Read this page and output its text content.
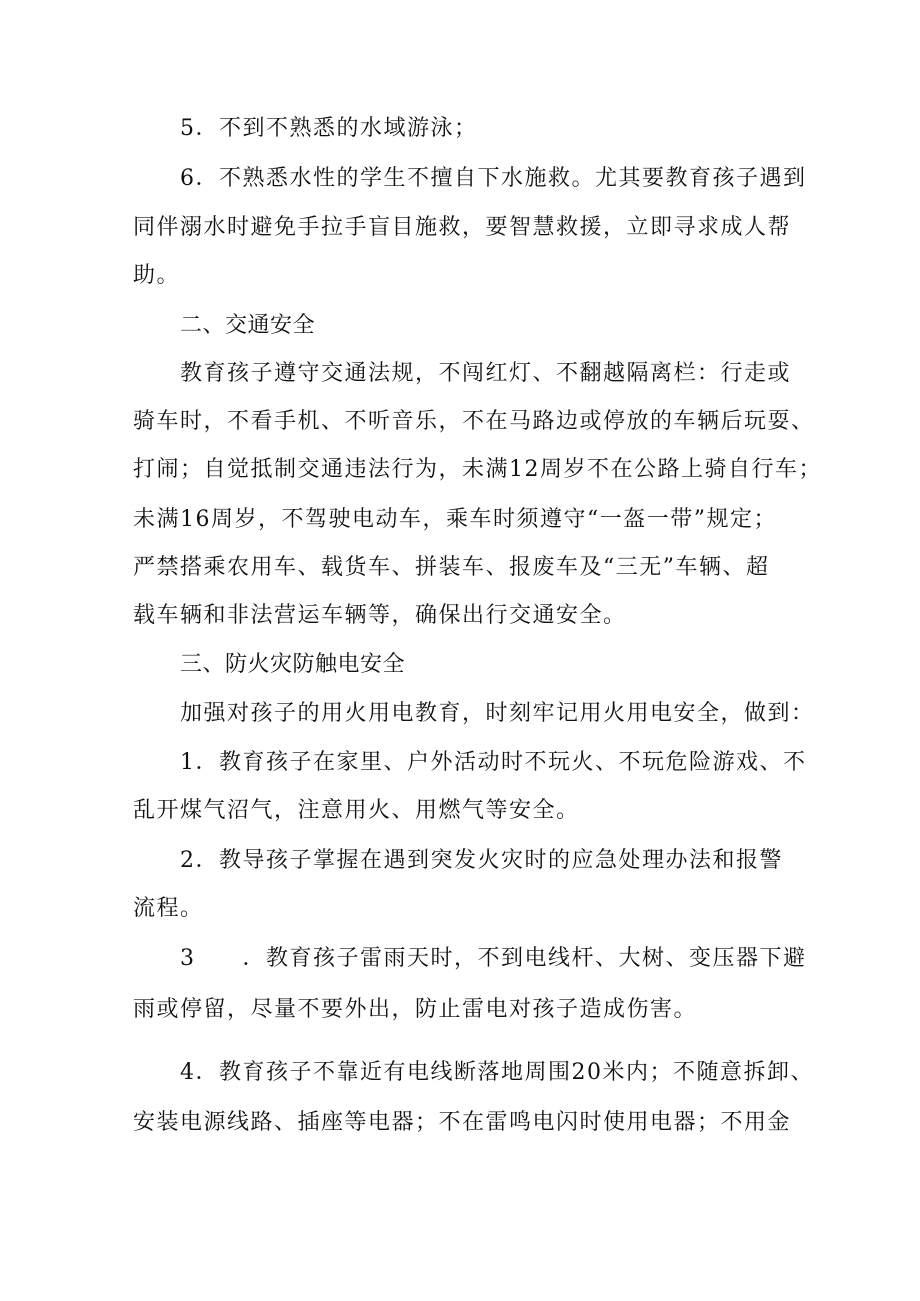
5．不到不熟悉的水域游泳；
6．不熟悉水性的学生不擅自下水施救。尤其要教育孩子遇到
同伴溺水时避免手拉手盲目施救，要智慧救援，立即寻求成人帮
助。
二、交通安全
教育孩子遵守交通法规，不闯红灯、不翻越隔离栏：行走或
骑车时，不看手机、不听音乐，不在马路边或停放的车辆后玩耍、
打闹；自觉抵制交通违法行为，未满12周岁不在公路上骑自行车；
未满16周岁，不驾驶电动车，乘车时须遵守“一盔一带”规定；
严禁搭乘农用车、载货车、拼装车、报废车及“三无”车辆、超
载车辆和非法营运车辆等，确保出行交通安全。
三、防火灾防触电安全
加强对孩子的用火用电教育，时刻牢记用火用电安全，做到：
1．教育孩子在家里、户外活动时不玩火、不玩危险游戏、不
乱开煤气沼气，注意用火、用燃气等安全。
2．教导孩子掌握在遇到突发火灾时的应急处理办法和报警
流程。
3　　．教育孩子雷雨天时，不到电线杆、大树、变压器下避
雨或停留，尽量不要外出，防止雷电对孩子造成伤害。
4．教育孩子不靠近有电线断落地周围20米内；不随意拆卸、
安装电源线路、插座等电器；不在雷鸣电闪时使用电器；不用金
